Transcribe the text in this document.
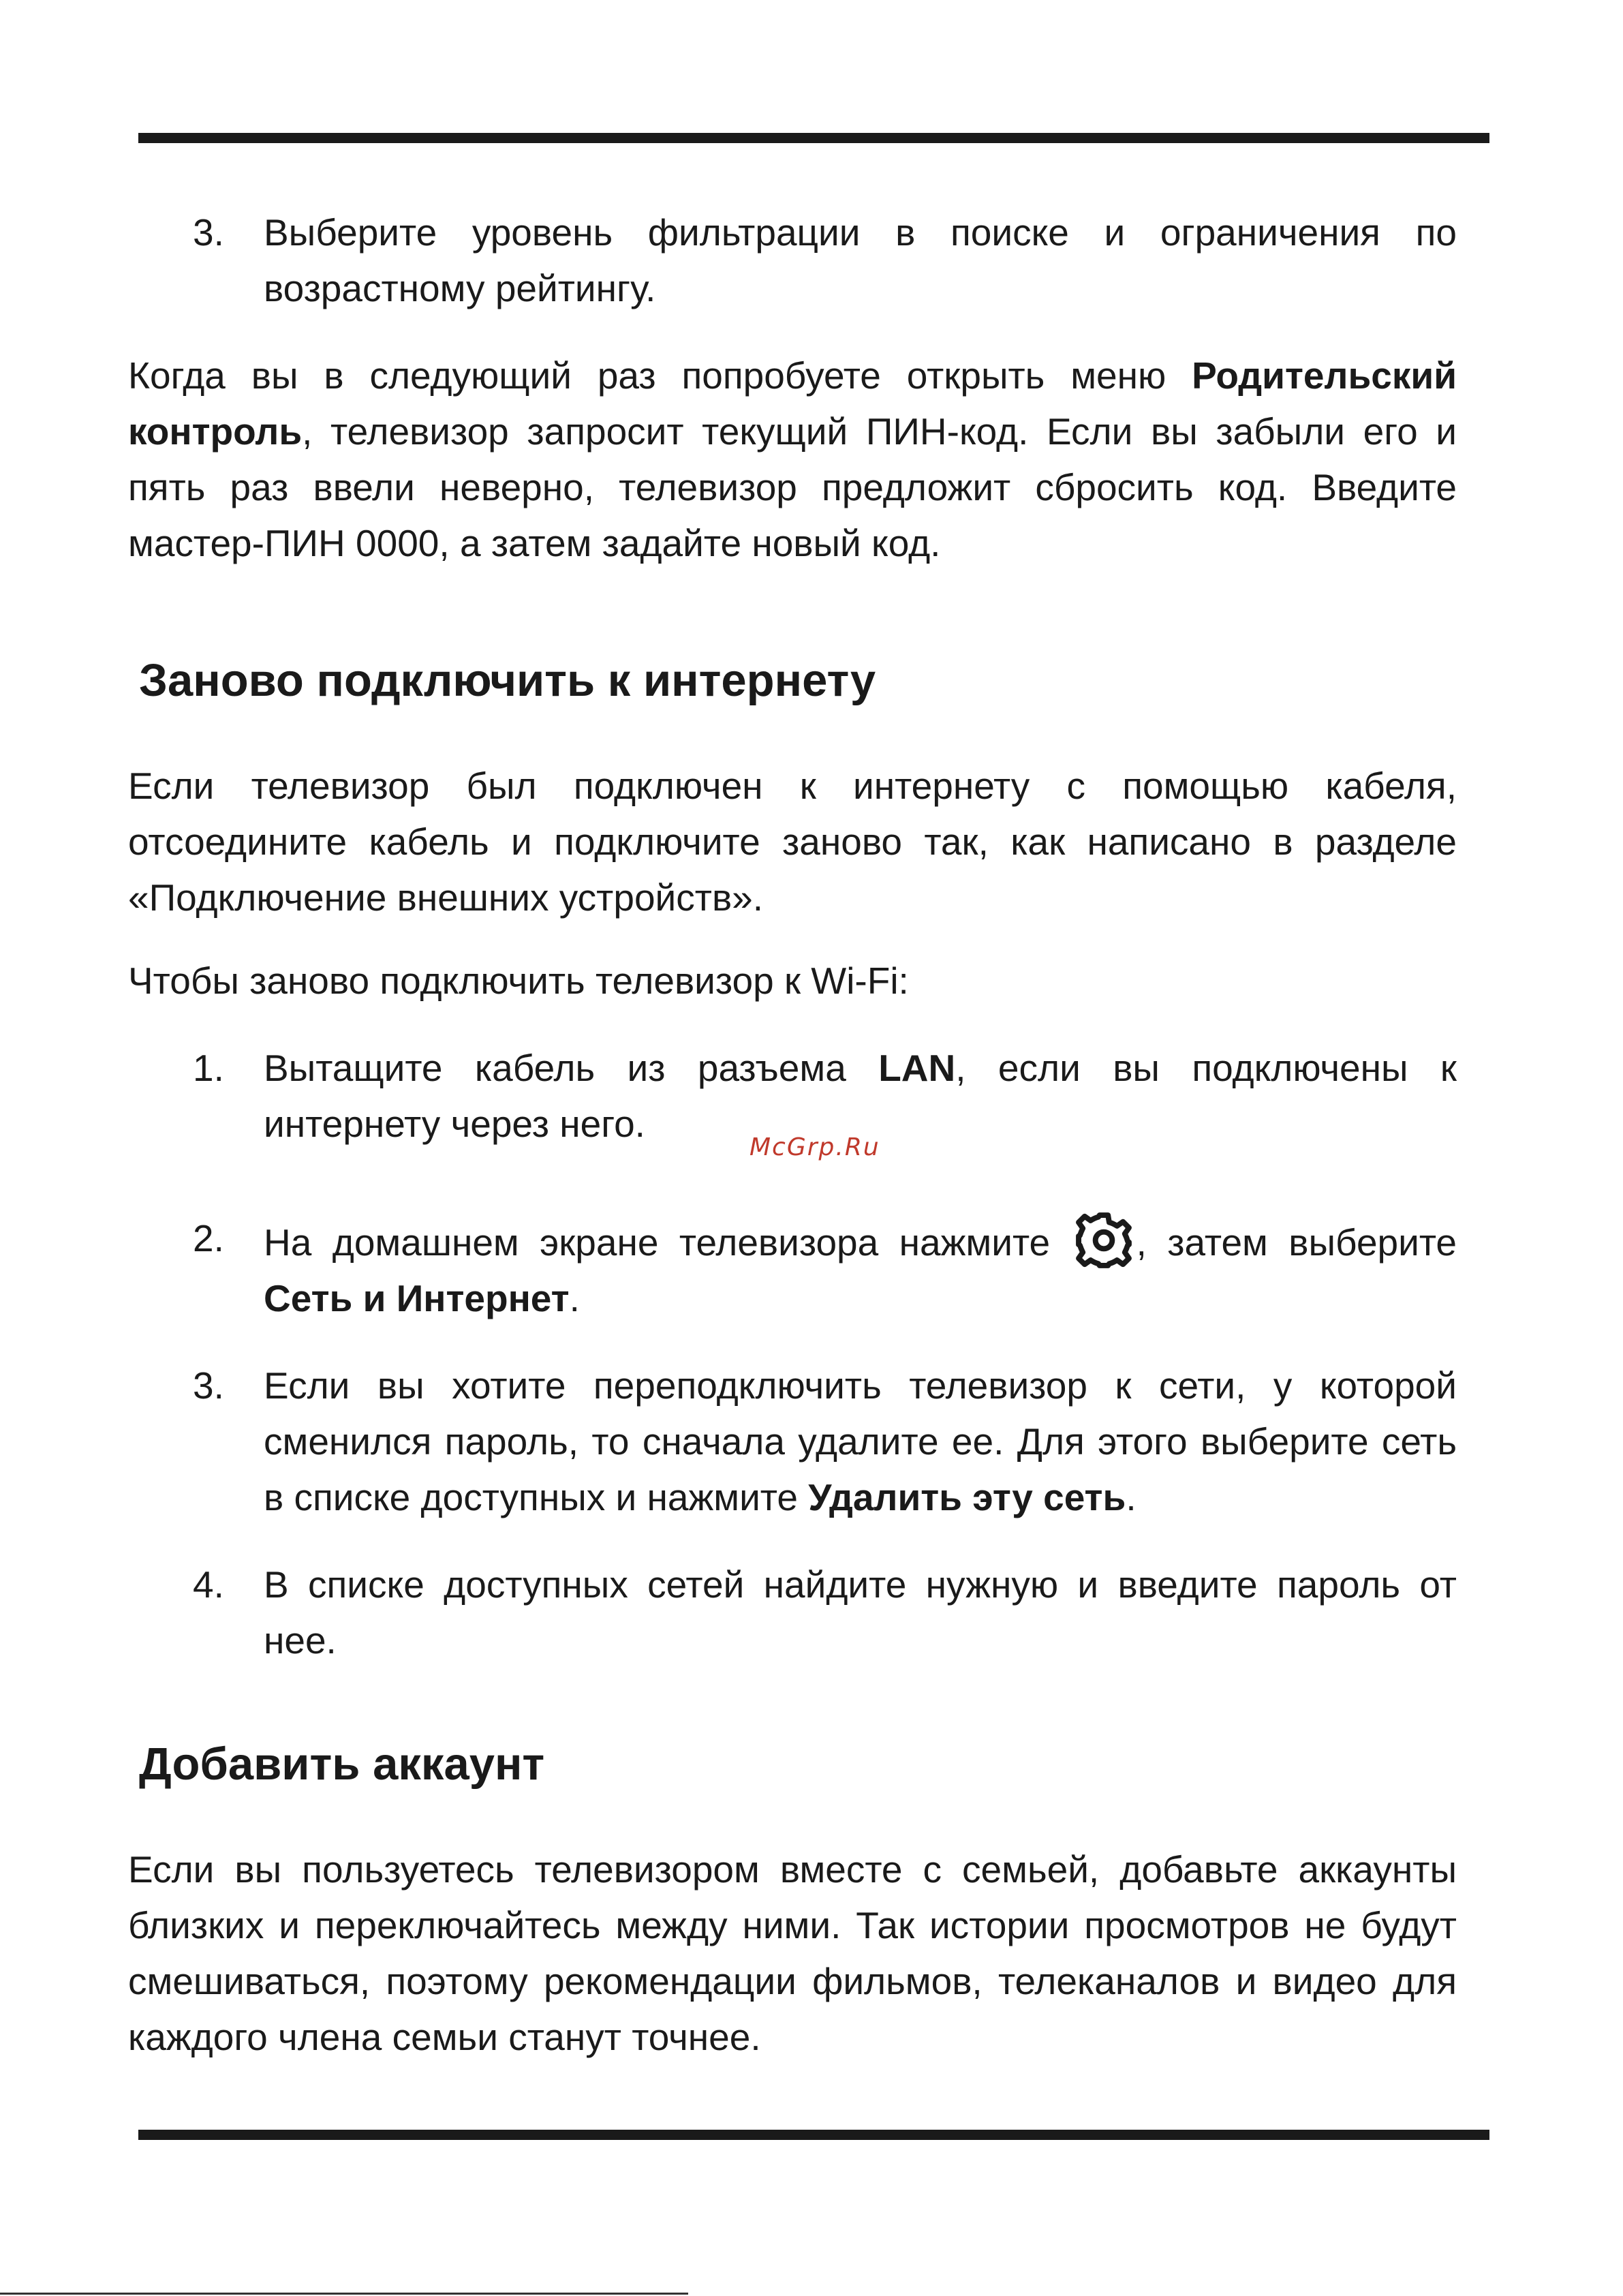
3. Выберите уровень фильтрации в поиске и ограничения по возрастному рейтингу.

Когда вы в следующий раз попробуете открыть меню Родительский контроль, телевизор запросит текущий ПИН-код. Если вы забыли его и пять раз ввели неверно, телевизор предложит сбросить код. Введите мастер-ПИН 0000, а затем задайте новый код.

Заново подключить к интернету

Если телевизор был подключен к интернету с помощью кабеля, отсоедините кабель и подключите заново так, как написано в разделе «Подключение внешних устройств».

Чтобы заново подключить телевизор к Wi-Fi:

1. Вытащите кабель из разъема LAN, если вы подключены к интернету через него.
2. На домашнем экране телевизора нажмите , затем выберите Сеть и Интернет.
3. Если вы хотите переподключить телевизор к сети, у которой сменился пароль, то сначала удалите ее. Для этого выберите сеть в списке доступных и нажмите Удалить эту сеть.
4. В списке доступных сетей найдите нужную и введите пароль от нее.
Добавить аккаунт

Если вы пользуетесь телевизором вместе с семьей, добавьте аккаунты близких и переключайтесь между ними. Так истории просмотров не будут смешиваться, поэтому рекомендации фильмов, телеканалов и видео для каждого члена семьи станут точнее.

McGrp.Ru
